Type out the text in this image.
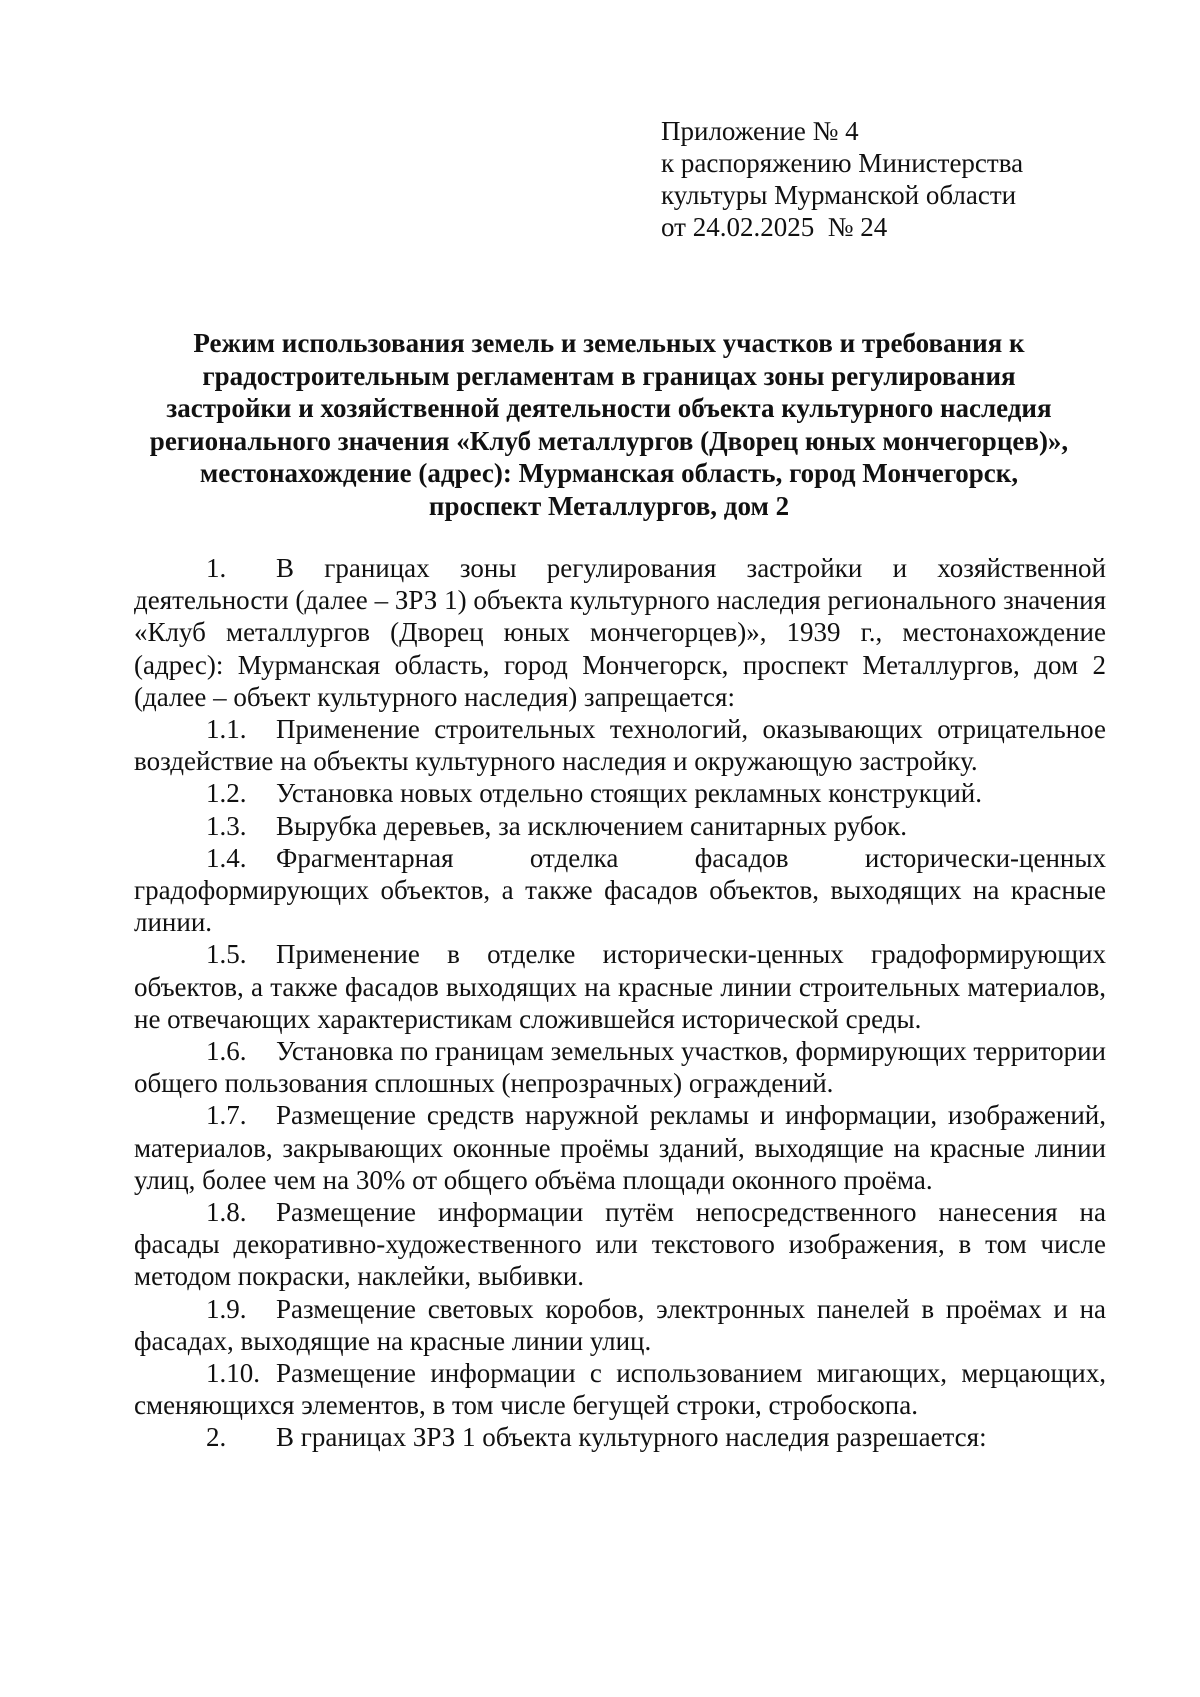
Приложение № 4
к распоряжению Министерства
культуры Мурманской области
от 24.02.2025  № 24
Режим использования земель и земельных участков и требования к
градостроительным регламентам в границах зоны регулирования
застройки и хозяйственной деятельности объекта культурного наследия
регионального значения «Клуб металлургов (Дворец юных мончегорцев)»,
местонахождение (адрес): Мурманская область, город Мончегорск,
проспект Металлургов, дом 2

1. В границах зоны регулирования застройки и хозяйственной деятельности (далее – ЗРЗ 1) объекта культурного наследия регионального значения «Клуб металлургов (Дворец юных мончегорцев)», 1939 г., местонахождение (адрес): Мурманская область, город Мончегорск, проспект Металлургов, дом 2 (далее – объект культурного наследия) запрещается:

1.1. Применение строительных технологий, оказывающих отрицательное воздействие на объекты культурного наследия и окружающую застройку.

1.2. Установка новых отдельно стоящих рекламных конструкций.

1.3. Вырубка деревьев, за исключением санитарных рубок.

1.4. Фрагментарная отделка фасадов исторически-ценных градоформирующих объектов, а также фасадов объектов, выходящих на красные линии.

1.5. Применение в отделке исторически-ценных градоформирующих объектов, а также фасадов выходящих на красные линии строительных материалов, не отвечающих характеристикам сложившейся исторической среды.

1.6. Установка по границам земельных участков, формирующих территории общего пользования сплошных (непрозрачных) ограждений.

1.7. Размещение средств наружной рекламы и информации, изображений, материалов, закрывающих оконные проёмы зданий, выходящие на красные линии улиц, более чем на 30% от общего объёма площади оконного проёма.

1.8. Размещение информации путём непосредственного нанесения на фасады декоративно-художественного или текстового изображения, в том числе методом покраски, наклейки, выбивки.

1.9. Размещение световых коробов, электронных панелей в проёмах и на фасадах, выходящие на красные линии улиц.

1.10. Размещение информации с использованием мигающих, мерцающих, сменяющихся элементов, в том числе бегущей строки, стробоскопа.

2. В границах ЗРЗ 1 объекта культурного наследия разрешается:
